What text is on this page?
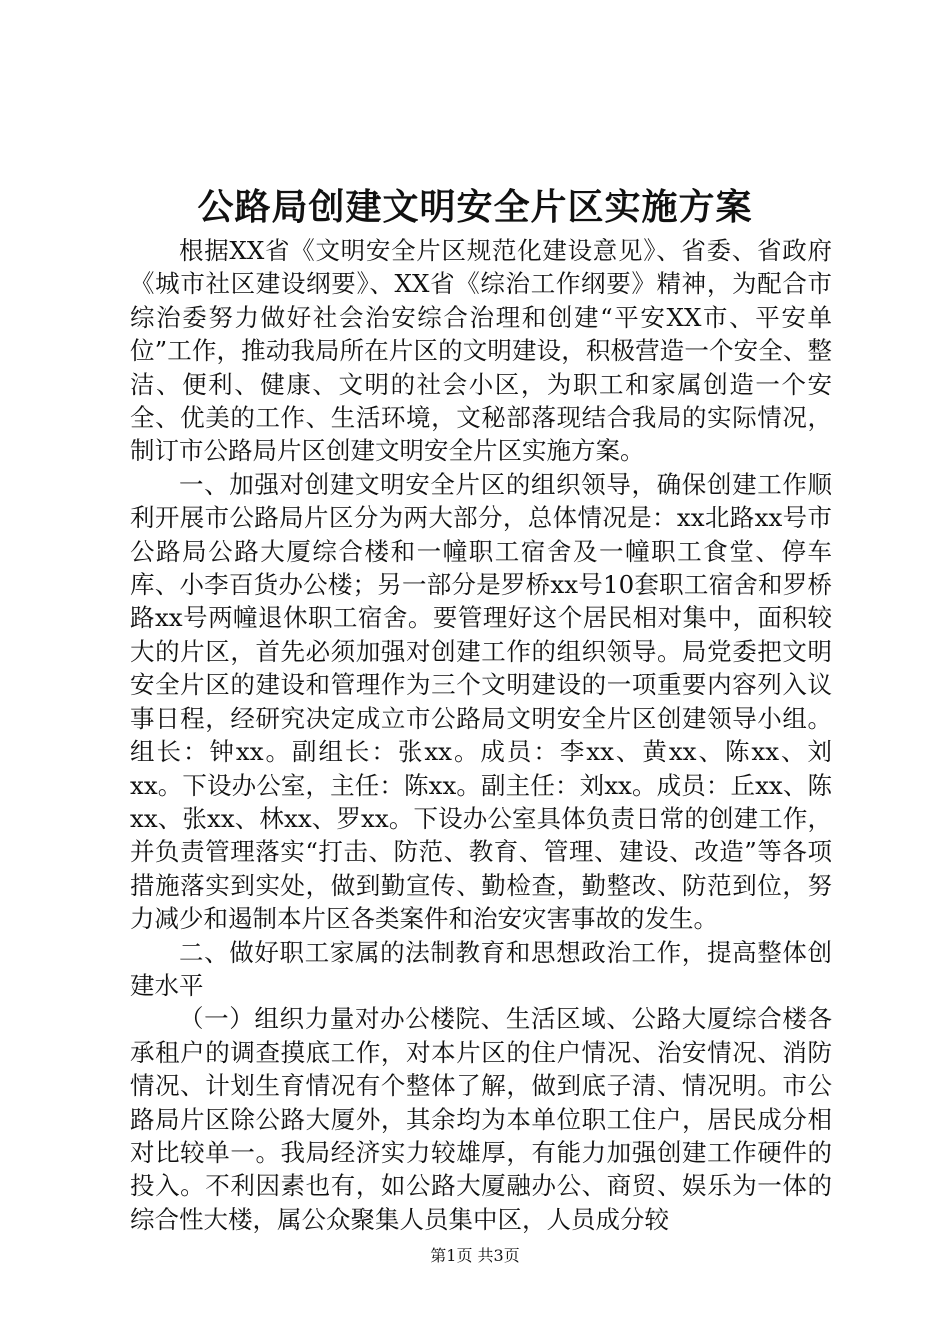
公路局创建文明安全片区实施方案

根据XX省《文明安全片区规范化建设意见》、省委、省政府《城市社区建设纲要》、XX省《综治工作纲要》精神，为配合市综治委努力做好社会治安综合治理和创建“平安XX市、平安单位”工作，推动我局所在片区的文明建设，积极营造一个安全、整洁、便利、健康、文明的社会小区，为职工和家属创造一个安全、优美的工作、生活环境，文秘部落现结合我局的实际情况，制订市公路局片区创建文明安全片区实施方案。

一、加强对创建文明安全片区的组织领导，确保创建工作顺利开展市公路局片区分为两大部分，总体情况是：xx北路xx号市公路局公路大厦综合楼和一幢职工宿舍及一幢职工食堂、停车库、小李百货办公楼；另一部分是罗桥xx号10套职工宿舍和罗桥路xx号两幢退休职工宿舍。要管理好这个居民相对集中，面积较大的片区，首先必须加强对创建工作的组织领导。局党委把文明安全片区的建设和管理作为三个文明建设的一项重要内容列入议事日程，经研究决定成立市公路局文明安全片区创建领导小组。组长：钟xx。副组长：张xx。成员：李xx、黄xx、陈xx、刘xx。下设办公室，主任：陈xx。副主任：刘xx。成员：丘xx、陈xx、张xx、林xx、罗xx。下设办公室具体负责日常的创建工作，并负责管理落实“打击、防范、教育、管理、建设、改造”等各项措施落实到实处，做到勤宣传、勤检查，勤整改、防范到位，努力减少和遏制本片区各类案件和治安灾害事故的发生。

二、做好职工家属的法制教育和思想政治工作，提高整体创建水平

（一）组织力量对办公楼院、生活区域、公路大厦综合楼各承租户的调查摸底工作，对本片区的住户情况、治安情况、消防情况、计划生育情况有个整体了解，做到底子清、情况明。市公路局片区除公路大厦外，其余均为本单位职工住户，居民成分相对比较单一。我局经济实力较雄厚，有能力加强创建工作硬件的投入。不利因素也有，如公路大厦融办公、商贸、娱乐为一体的综合性大楼，属公众聚集人员集中区，人员成分较

第1页 共3页
